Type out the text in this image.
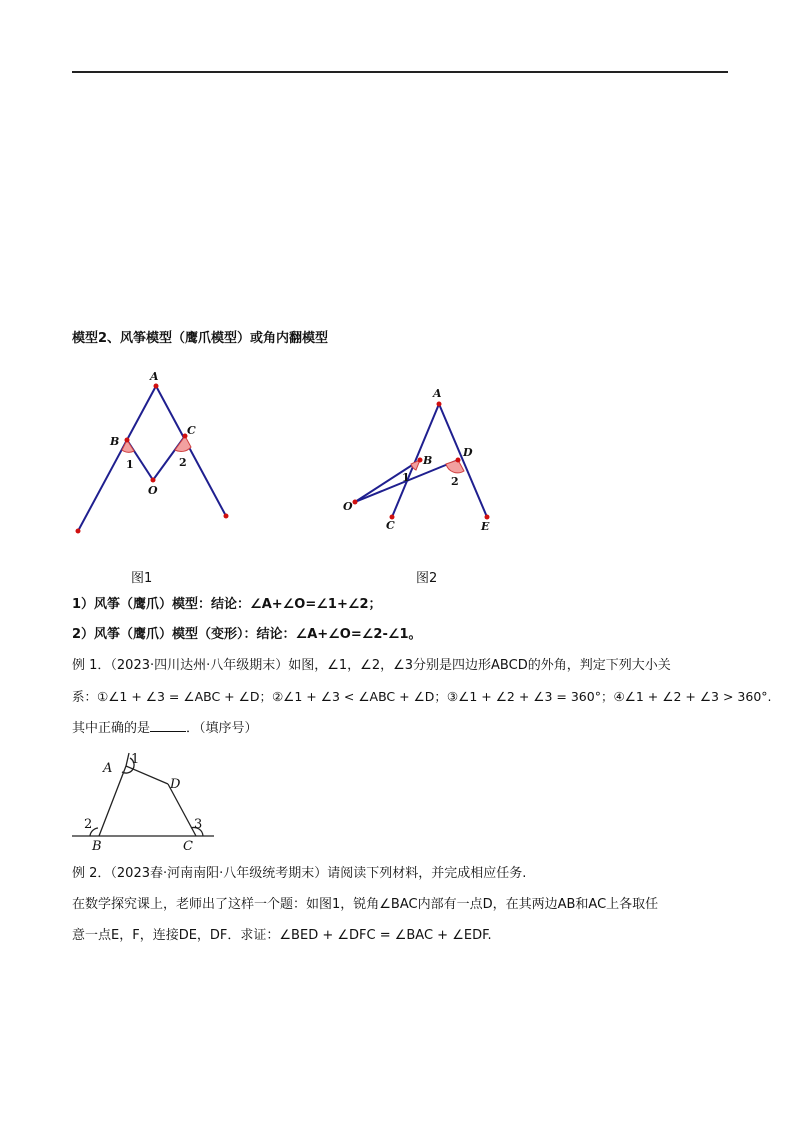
模型2、风筝模型（鹰爪模型）或角内翻模型
A
B
C
O
1	2
图1
A
B
C
D
E
O
1	2
图2
1）风筝（鹰爪）模型：结论：∠A+∠O=∠1+∠2；
2）风筝（鹰爪）模型（变形）：结论：∠A+∠O=∠2-∠1。
例 1．（2023·四川达州·八年级期末）如图，∠1，∠2，∠3分别是四边形ABCD的外角，判定下列大小关
系：①∠1 + ∠3 = ∠ABC + ∠D；②∠1 + ∠3 < ∠ABC + ∠D；③∠1 + ∠2 + ∠3 = 360°；④∠1 + ∠2 + ∠3 > 360°.
其中正确的是	．（填序号）
A
1
D
2
B
3
C
例 2．（2023春·河南南阳·八年级统考期末）请阅读下列材料，并完成相应任务.
在数学探究课上，老师出了这样一个题：如图1，锐角∠BAC内部有一点D，在其两边AB和AC上各取任
意一点E，F，连接DE，DF．求证：∠BED + ∠DFC = ∠BAC + ∠EDF.
